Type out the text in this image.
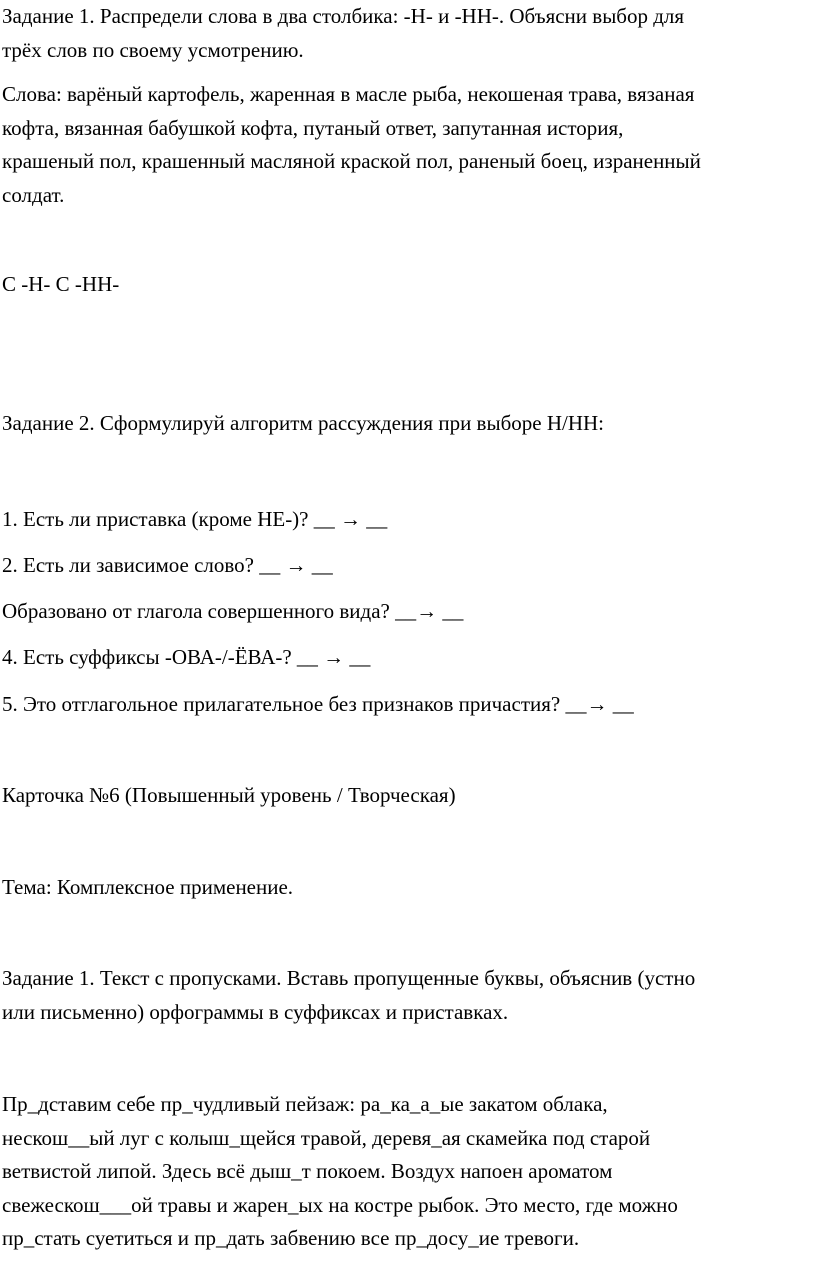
Задание 1. Распредели слова в два столбика: -Н- и -НН-. Объясни выбор для
трёх слов по своему усмотрению.
Слова: варёный картофель, жаренная в масле рыба, некошеная трава, вязаная
кофта, вязанная бабушкой кофта, путаный ответ, запутанная история,
крашеный пол, крашенный масляной краской пол, раненый боец, израненный
солдат.

С -Н- С -НН-

Задание 2. Сформулируй алгоритм рассуждения при выборе Н/НН:

1. Есть ли приставка (кроме НЕ-)? __ → __

2. Есть ли зависимое слово? __ → __

Образовано от глагола совершенного вида? __→ __

4. Есть суффиксы -ОВА-/-ЁВА-? __ → __

5. Это отглагольное прилагательное без признаков причастия? __→ __

Карточка №6 (Повышенный уровень / Творческая)

Тема: Комплексное применение.

Задание 1. Текст с пропусками. Вставь пропущенные буквы, объяснив (устно
или письменно) орфограммы в суффиксах и приставках.
Пр_дставим себе пр_чудливый пейзаж: ра_ка_а_ые закатом облака,
нескош__ый луг с колыш_щейся травой, деревя_ая скамейка под старой
ветвистой липой. Здесь всё дыш_т покоем. Воздух напоен ароматом
свежескош___ой травы и жарен_ых на костре рыбок. Это место, где можно
пр_стать суетиться и пр_дать забвению все пр_досу_ие тревоги.
